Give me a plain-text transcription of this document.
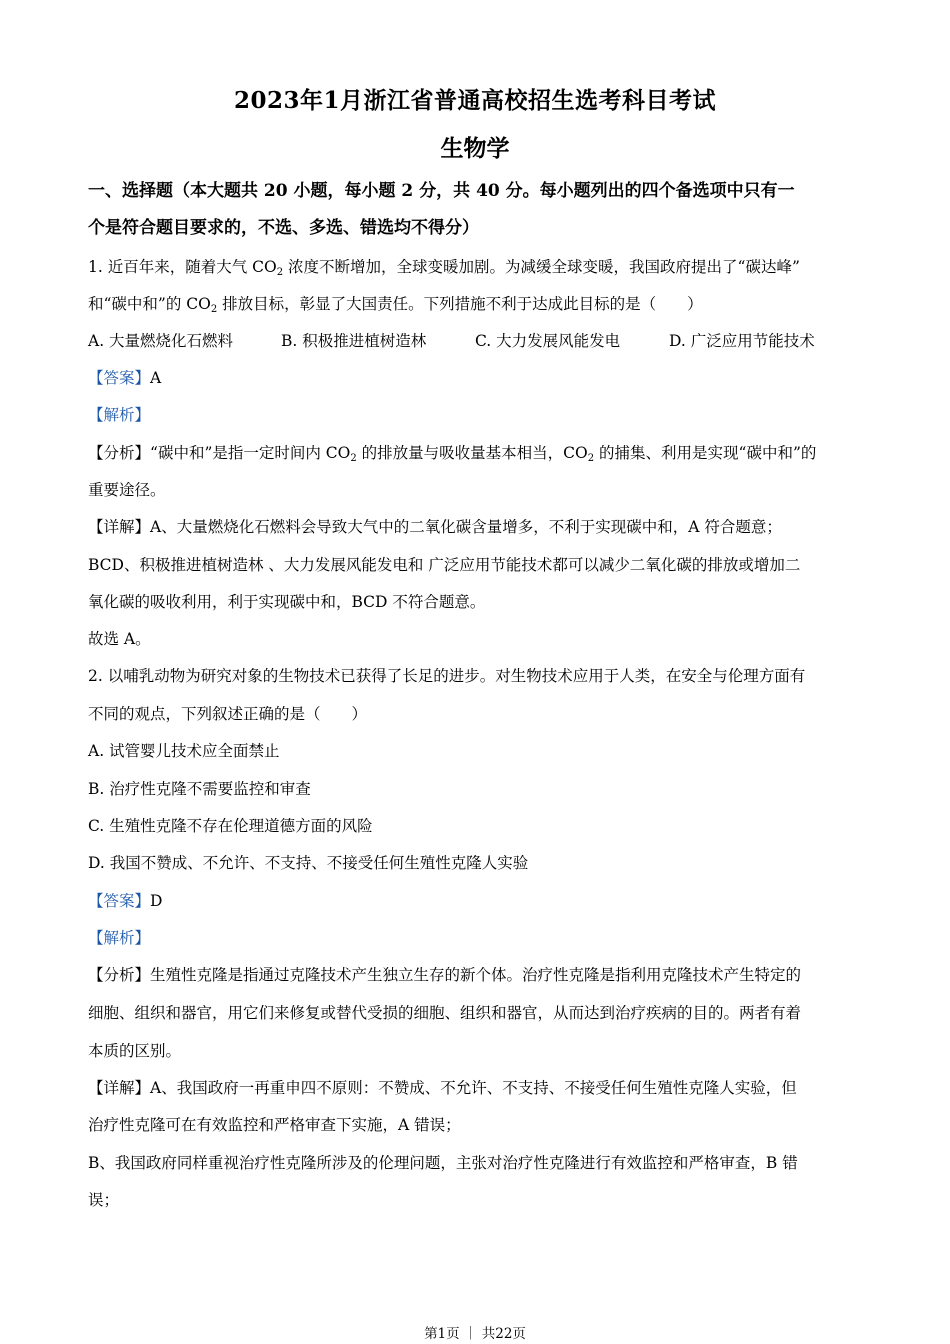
2023年1月浙江省普通高校招生选考科目考试
生物学
一、选择题（本大题共 20 小题，每小题 2 分，共 40 分。每小题列出的四个备选项中只有一
个是符合题目要求的，不选、多选、错选均不得分）
1. 近百年来，随着大气 $CO_2$ 浓度不断增加，全球变暖加剧。为减缓全球变暖，我国政府提出了“碳达峰”
和“碳中和”的 $CO_2$ 排放目标，彰显了大国责任。下列措施不利于达成此目标的是（　　）
A. 大量燃烧化石燃料	B. 积极推进植树造林	C. 大力发展风能发电	D. 广泛应用节能技术
【答案】A
【解析】
【分析】“碳中和”是指一定时间内 $CO_2$ 的排放量与吸收量基本相当，$CO_2$ 的捕集、利用是实现“碳中和”的
重要途径。
【详解】A、大量燃烧化石燃料会导致大气中的二氧化碳含量增多，不利于实现碳中和，A 符合题意；
BCD、积极推进植树造林 、大力发展风能发电和 广泛应用节能技术都可以减少二氧化碳的排放或增加二
氧化碳的吸收利用，利于实现碳中和，BCD 不符合题意。
故选 A。
2. 以哺乳动物为研究对象的生物技术已获得了长足的进步。对生物技术应用于人类，在安全与伦理方面有
不同的观点，下列叙述正确的是（　　）
A. 试管婴儿技术应全面禁止
B. 治疗性克隆不需要监控和审查
C. 生殖性克隆不存在伦理道德方面的风险
D. 我国不赞成、不允许、不支持、不接受任何生殖性克隆人实验
【答案】D
【解析】
【分析】生殖性克隆是指通过克隆技术产生独立生存的新个体。治疗性克隆是指利用克隆技术产生特定的
细胞、组织和器官，用它们来修复或替代受损的细胞、组织和器官，从而达到治疗疾病的目的。两者有着
本质的区别。
【详解】A、我国政府一再重申四不原则：不赞成、不允许、不支持、不接受任何生殖性克隆人实验，但
治疗性克隆可在有效监控和严格审查下实施，A 错误；
B、我国政府同样重视治疗性克隆所涉及的伦理问题，主张对治疗性克隆进行有效监控和严格审查，B 错
误；
第1页 ｜ 共22页
